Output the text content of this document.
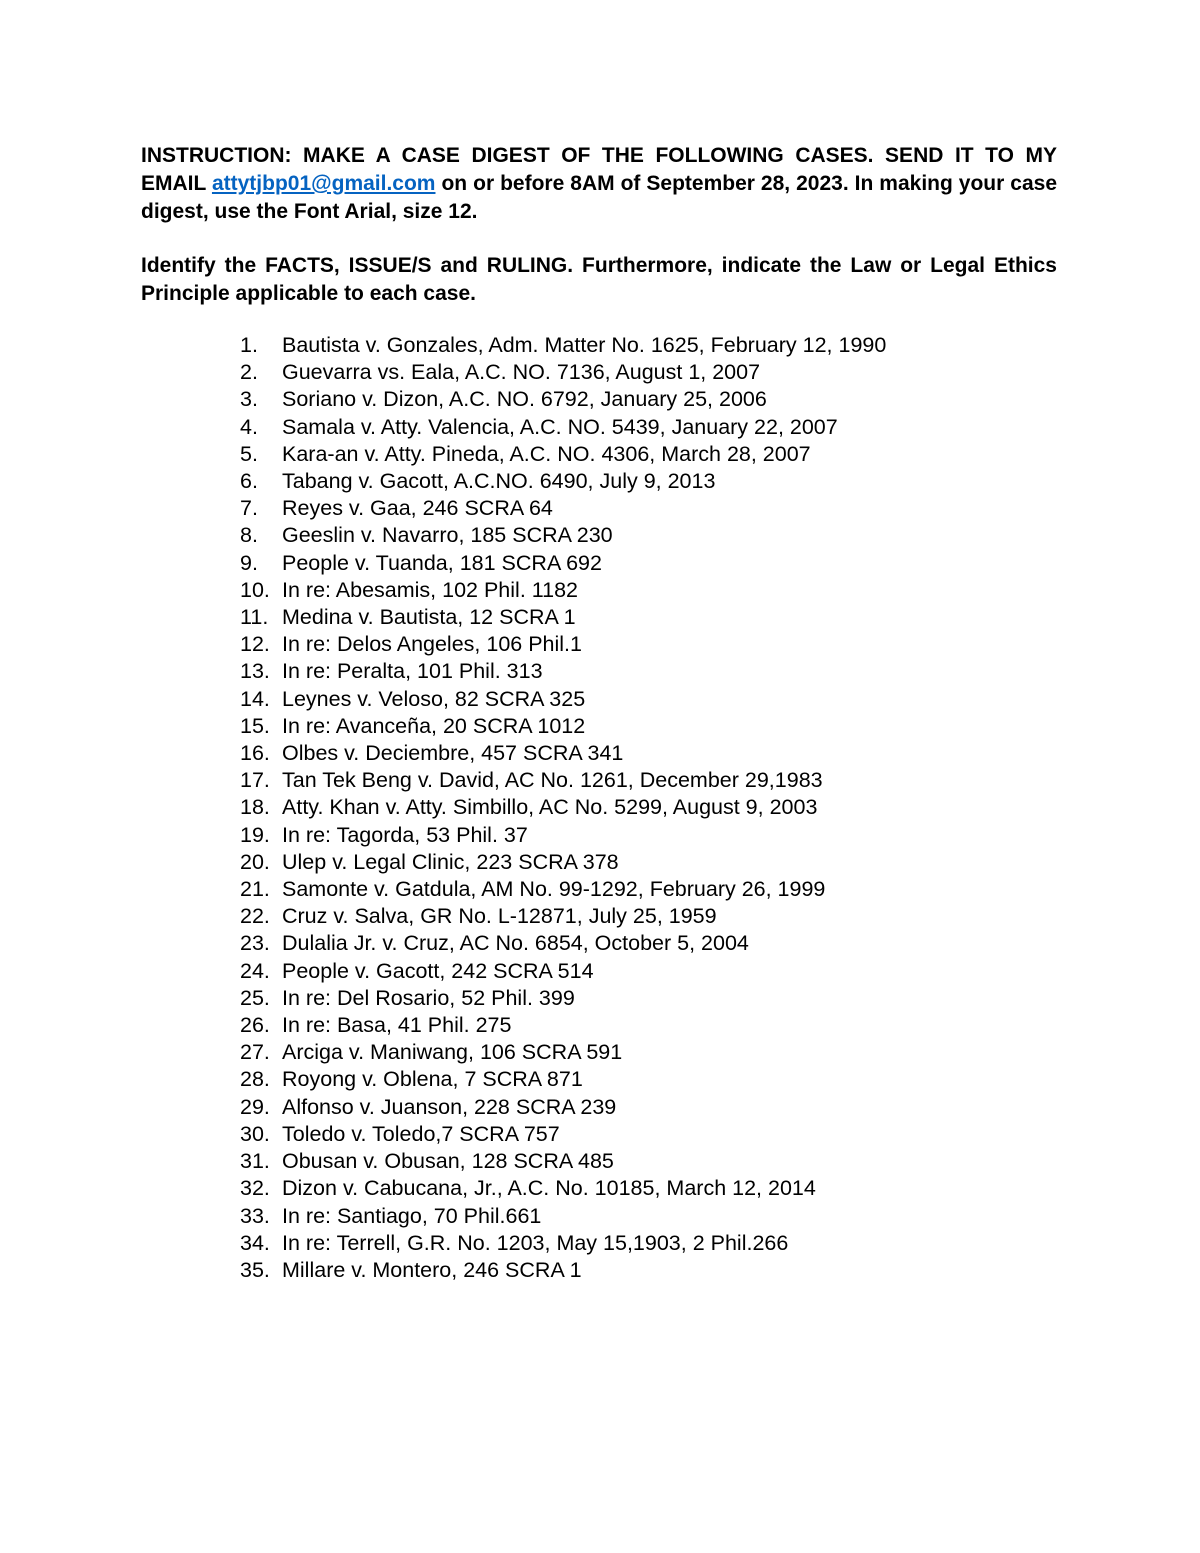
INSTRUCTION: MAKE A CASE DIGEST OF THE FOLLOWING CASES. SEND IT TO MY EMAIL attytjbp01@gmail.com on or before 8AM of September 28, 2023. In making your case digest, use the Font Arial, size 12.

Identify the FACTS, ISSUE/S and RULING. Furthermore, indicate the Law or Legal Ethics Principle applicable to each case.

1.	Bautista v. Gonzales, Adm. Matter No. 1625, February 12, 1990
2.	Guevarra vs. Eala, A.C. NO. 7136, August 1, 2007
3.	Soriano v. Dizon, A.C. NO. 6792, January 25, 2006
4.	Samala v. Atty. Valencia, A.C. NO. 5439, January 22, 2007
5.	Kara-an v. Atty. Pineda, A.C. NO. 4306, March 28, 2007
6.	Tabang v. Gacott, A.C.NO. 6490, July 9, 2013
7.	Reyes v. Gaa, 246 SCRA 64
8.	Geeslin v. Navarro, 185 SCRA 230
9.	People v. Tuanda, 181 SCRA 692
10. In re: Abesamis, 102 Phil. 1182
11. Medina v. Bautista, 12 SCRA 1
12. In re: Delos Angeles, 106 Phil.1
13. In re: Peralta, 101 Phil. 313
14. Leynes v. Veloso, 82 SCRA 325
15. In re: Avanceña, 20 SCRA 1012
16. Olbes v. Deciembre, 457 SCRA 341
17. Tan Tek Beng v. David, AC No. 1261, December 29,1983
18. Atty. Khan v. Atty. Simbillo, AC No. 5299, August 9, 2003
19. In re: Tagorda, 53 Phil. 37
20. Ulep v. Legal Clinic, 223 SCRA 378
21. Samonte v. Gatdula, AM No. 99-1292, February 26, 1999
22. Cruz v. Salva, GR No. L-12871, July 25, 1959
23. Dulalia Jr. v. Cruz, AC No. 6854, October 5, 2004
24. People v. Gacott, 242 SCRA 514
25. In re: Del Rosario, 52 Phil. 399
26. In re: Basa, 41 Phil. 275
27. Arciga v. Maniwang, 106 SCRA 591
28. Royong v. Oblena, 7 SCRA 871
29. Alfonso v. Juanson, 228 SCRA 239
30. Toledo v. Toledo,7 SCRA 757
31. Obusan v. Obusan, 128 SCRA 485
32. Dizon v. Cabucana, Jr., A.C. No. 10185, March 12, 2014
33. In re: Santiago, 70 Phil.661
34. In re: Terrell, G.R. No. 1203, May 15,1903, 2 Phil.266
35. Millare v. Montero, 246 SCRA 1
